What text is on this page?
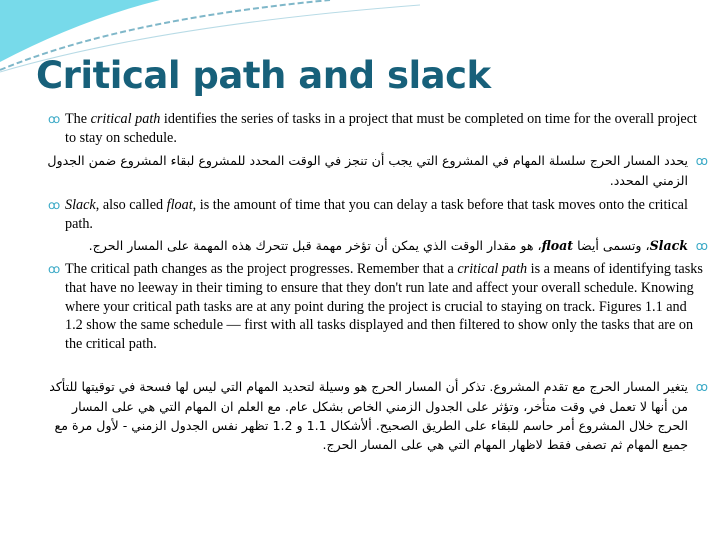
Critical path and slack
ꝏ The critical path identifies the series of tasks in a project that must be completed on time for the overall project to stay on schedule.
ꝏيحدد المسار الحرج سلسلة المهام في المشروع التي يجب أن تنجز في الوقت المحدد للمشروع لبقاء المشروع ضمن الجدول الزمني المحدد.
ꝏ Slack, also called float, is the amount of time that you can delay a task before that task moves onto the critical path.
ꝏSlack، وتسمى أيضا float، هو مقدار الوقت الذي يمكن أن تؤخر مهمة قبل تتحرك هذه المهمة على المسار الحرج.
ꝏ The critical path changes as the project progresses. Remember that a critical path is a means of identifying tasks that have no leeway in their timing to ensure that they don't run late and affect your overall schedule. Knowing where your critical path tasks are at any point during the project is crucial to staying on track. Figures 1.1 and 1.2 show the same schedule — first with all tasks displayed and then filtered to show only the tasks that are on the critical path.
ꝏيتغير المسار الحرج مع تقدم المشروع. تذكر أن المسار الحرج هو وسيلة لتحديد المهام التي ليس لها فسحة في توقيتها للتأكد من أنها لا تعمل في وقت متأخر، وتؤثر على الجدول الزمني الخاص بشكل عام. مع العلم ان المهام التي هي على المسار الحرج خلال المشروع أمر حاسم للبقاء على الطريق الصحيح. ألأشكال 1.1 و 1.2 تظهر نفس الجدول الزمني - لأول مرة مع جميع المهام ثم تصفى فقط لاظهار المهام التي هي على المسار الحرج.
